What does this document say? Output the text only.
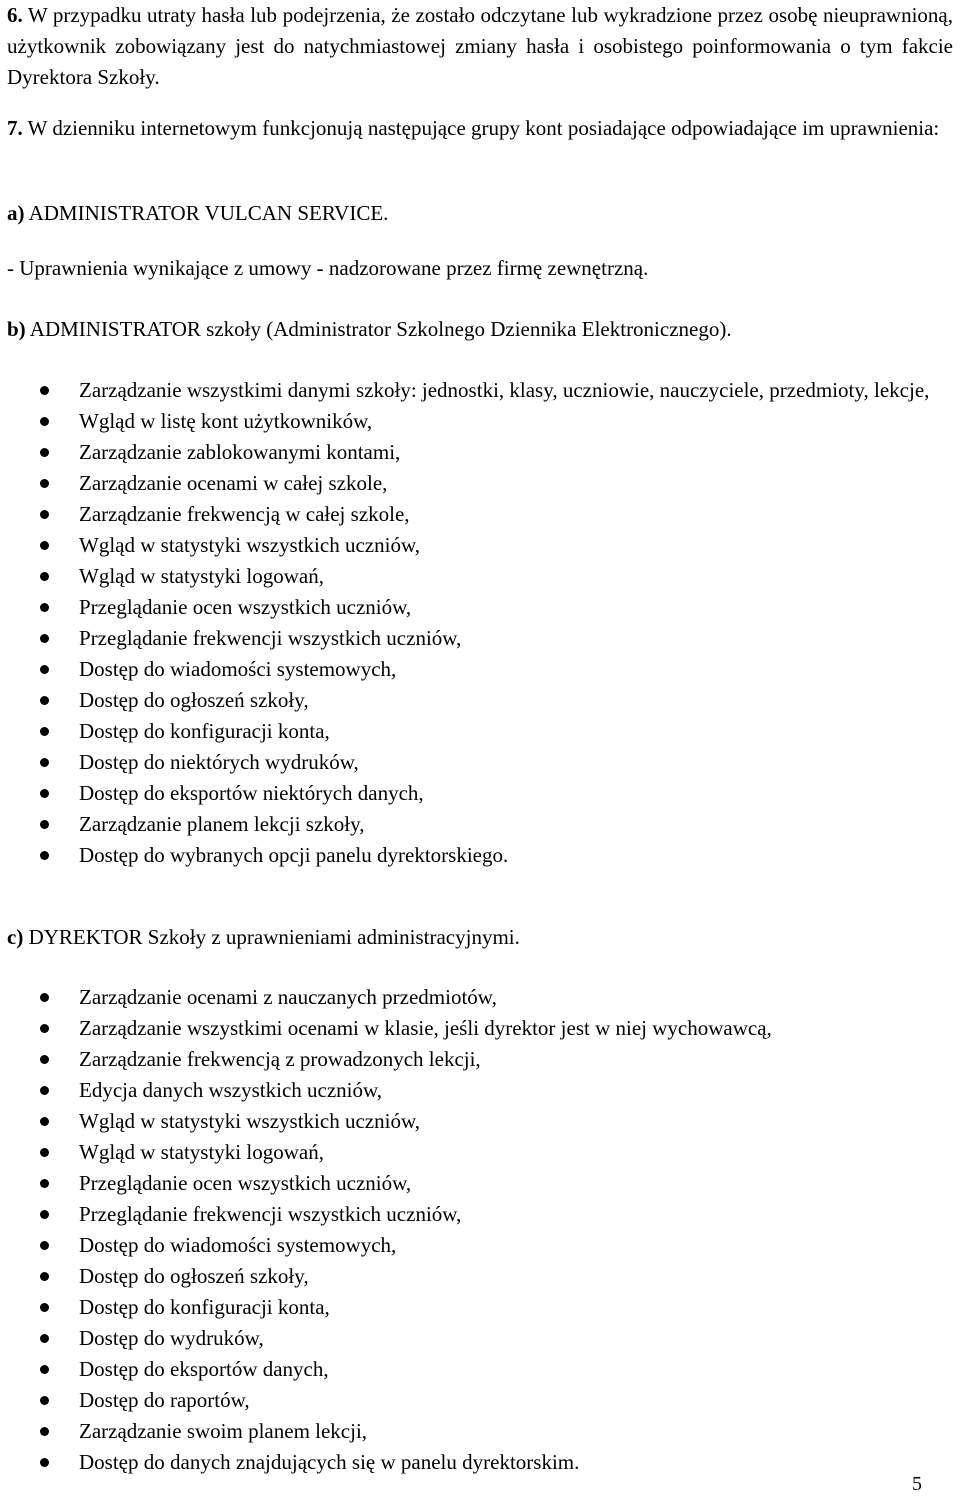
6. W przypadku utraty hasła lub podejrzenia, że zostało odczytane lub wykradzione przez osobę nieuprawnioną, użytkownik zobowiązany jest do natychmiastowej zmiany hasła i osobistego poinformowania o tym fakcie Dyrektora Szkoły.

7. W dzienniku internetowym funkcjonują następujące grupy kont posiadające odpowiadające im uprawnienia:

a) ADMINISTRATOR VULCAN SERVICE.

- Uprawnienia wynikające z umowy - nadzorowane przez firmę zewnętrzną.

b) ADMINISTRATOR szkoły (Administrator Szkolnego Dziennika Elektronicznego).

Zarządzanie wszystkimi danymi szkoły: jednostki, klasy, uczniowie, nauczyciele, przedmioty, lekcje,
Wgląd w listę kont użytkowników,
Zarządzanie zablokowanymi kontami,
Zarządzanie ocenami w całej szkole,
Zarządzanie frekwencją w całej szkole,
Wgląd w statystyki wszystkich uczniów,
Wgląd w statystyki logowań,
Przeglądanie ocen wszystkich uczniów,
Przeglądanie frekwencji wszystkich uczniów,
Dostęp do wiadomości systemowych,
Dostęp do ogłoszeń szkoły,
Dostęp do konfiguracji konta,
Dostęp do niektórych wydruków,
Dostęp do eksportów niektórych danych,
Zarządzanie planem lekcji szkoły,
Dostęp do wybranych opcji panelu dyrektorskiego.

c) DYREKTOR Szkoły z uprawnieniami administracyjnymi.

Zarządzanie ocenami z nauczanych przedmiotów,
Zarządzanie wszystkimi ocenami w klasie, jeśli dyrektor jest w niej wychowawcą,
Zarządzanie frekwencją z prowadzonych lekcji,
Edycja danych wszystkich uczniów,
Wgląd w statystyki wszystkich uczniów,
Wgląd w statystyki logowań,
Przeglądanie ocen wszystkich uczniów,
Przeglądanie frekwencji wszystkich uczniów,
Dostęp do wiadomości systemowych,
Dostęp do ogłoszeń szkoły,
Dostęp do konfiguracji konta,
Dostęp do wydruków,
Dostęp do eksportów danych,
Dostęp do raportów,
Zarządzanie swoim planem lekcji,
Dostęp do danych znajdujących się w panelu dyrektorskim.
5
